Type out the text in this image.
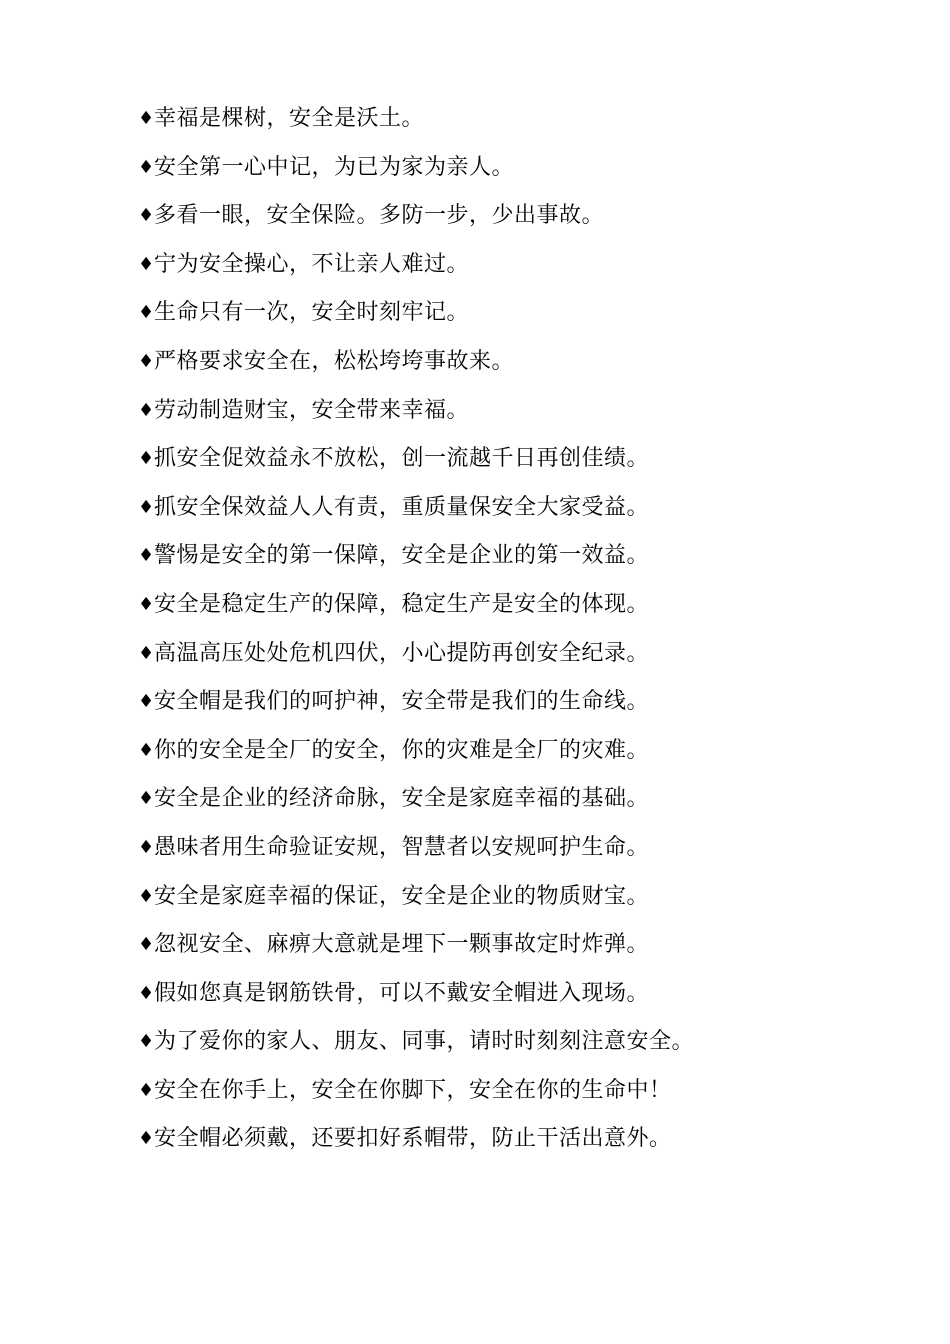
♦ 幸福是棵树，安全是沃土。
♦ 安全第一心中记，为已为家为亲人。
♦ 多看一眼，安全保险。多防一步，少出事故。
♦ 宁为安全操心，不让亲人难过。
♦ 生命只有一次，安全时刻牢记。
♦ 严格要求安全在，松松垮垮事故来。
♦ 劳动制造财宝，安全带来幸福。
♦ 抓安全促效益永不放松，创一流越千日再创佳绩。
♦ 抓安全保效益人人有责，重质量保安全大家受益。
♦ 警惕是安全的第一保障，安全是企业的第一效益。
♦ 安全是稳定生产的保障，稳定生产是安全的体现。
♦ 高温高压处处危机四伏，小心提防再创安全纪录。
♦ 安全帽是我们的呵护神，安全带是我们的生命线。
♦ 你的安全是全厂的安全，你的灾难是全厂的灾难。
♦ 安全是企业的经济命脉，安全是家庭幸福的基础。
♦ 愚味者用生命验证安规，智慧者以安规呵护生命。
♦ 安全是家庭幸福的保证，安全是企业的物质财宝。
♦ 忽视安全、麻痹大意就是埋下一颗事故定时炸弹。
♦ 假如您真是钢筋铁骨，可以不戴安全帽进入现场。
♦ 为了爱你的家人、朋友、同事，请时时刻刻注意安全。
♦ 安全在你手上，安全在你脚下，安全在你的生命中！
♦ 安全帽必须戴，还要扣好系帽带，防止干活出意外。
